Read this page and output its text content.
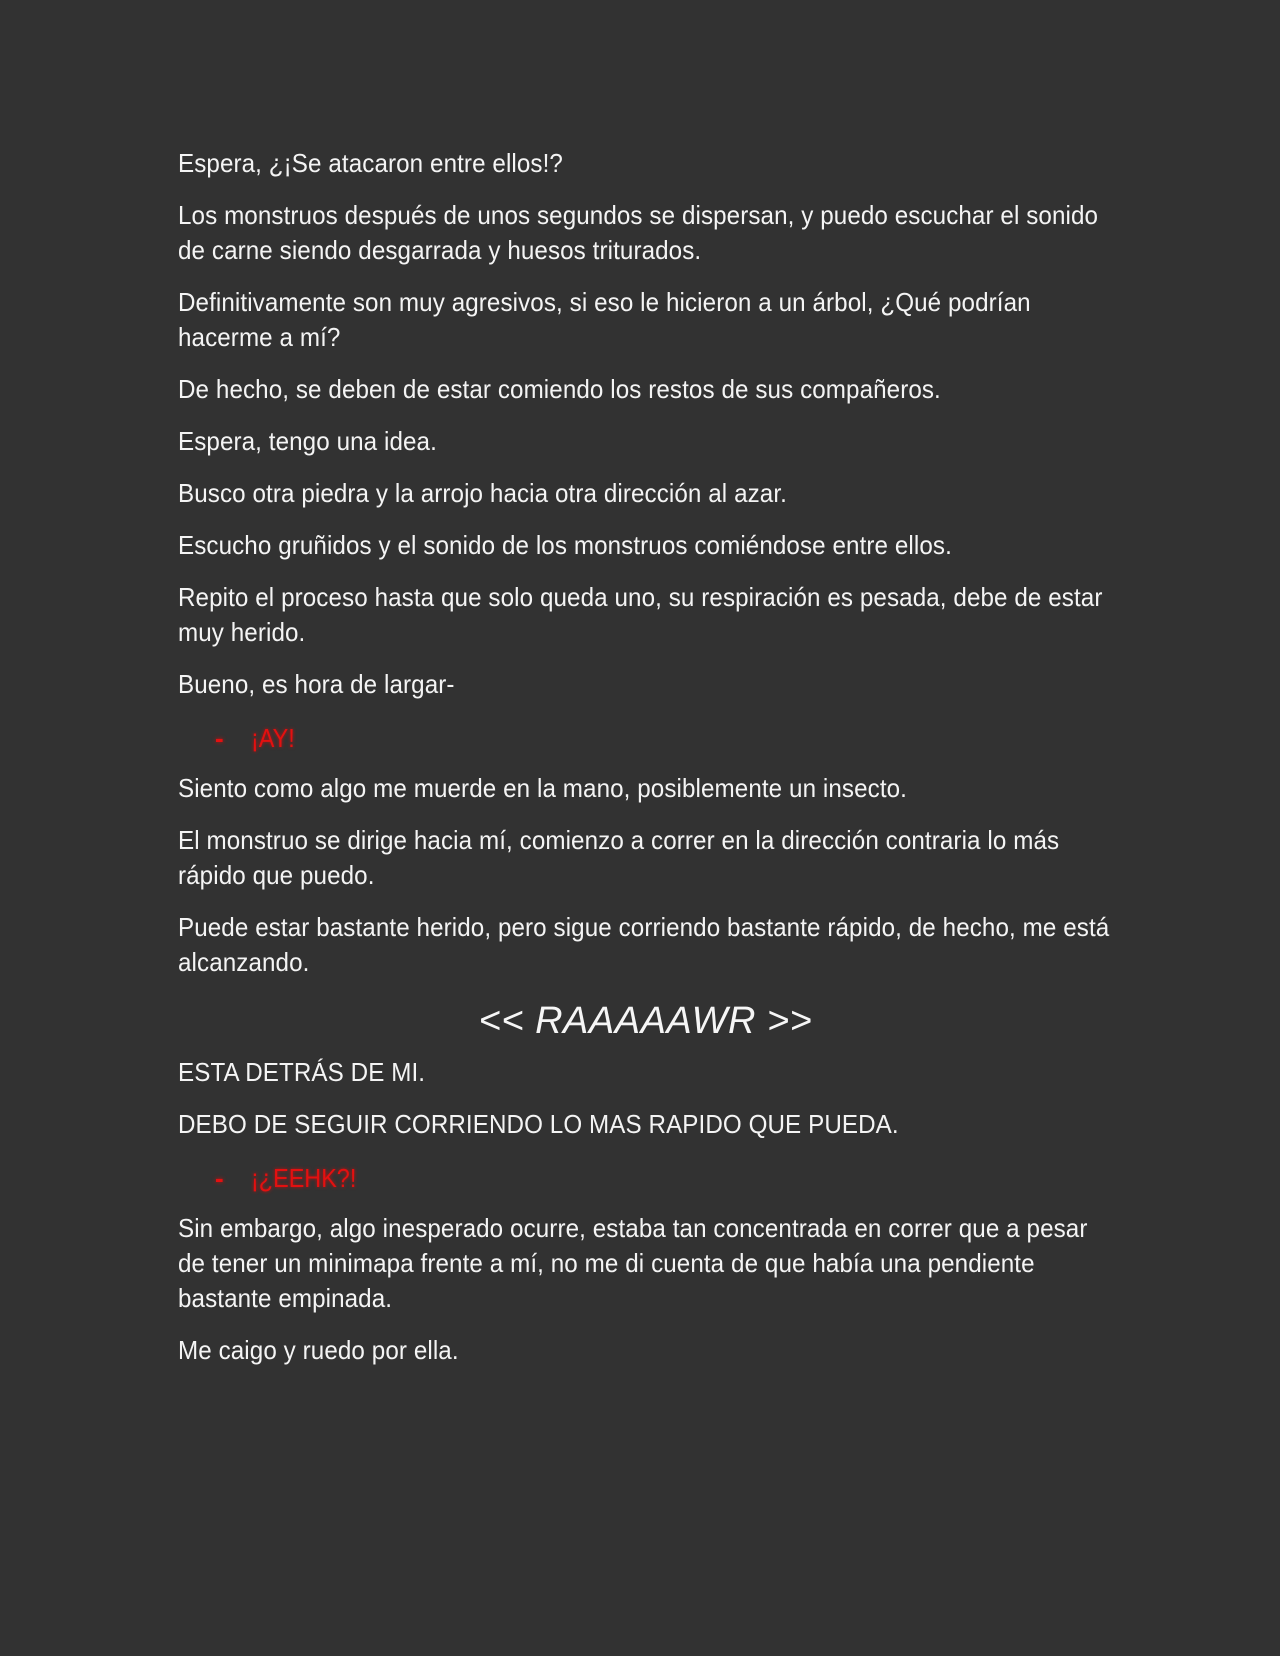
Espera, ¿¡Se atacaron entre ellos!?

Los monstruos después de unos segundos se dispersan, y puedo escuchar el sonido de carne siendo desgarrada y huesos triturados.

Definitivamente son muy agresivos, si eso le hicieron a un árbol, ¿Qué podrían hacerme a mí?

De hecho, se deben de estar comiendo los restos de sus compañeros.

Espera, tengo una idea.

Busco otra piedra y la arrojo hacia otra dirección al azar.

Escucho gruñidos y el sonido de los monstruos comiéndose entre ellos.

Repito el proceso hasta que solo queda uno, su respiración es pesada, debe de estar muy herido.

Bueno, es hora de largar-

-	¡AY!

Siento como algo me muerde en la mano, posiblemente un insecto.

El monstruo se dirige hacia mí, comienzo a correr en la dirección contraria lo más rápido que puedo.

Puede estar bastante herido, pero sigue corriendo bastante rápido, de hecho, me está alcanzando.

<< RAAAAAWR >>

ESTA DETRÁS DE MI.

DEBO DE SEGUIR CORRIENDO LO MAS RAPIDO QUE PUEDA.

-	¡¿EEHK?!

Sin embargo, algo inesperado ocurre, estaba tan concentrada en correr que a pesar de tener un minimapa frente a mí, no me di cuenta de que había una pendiente bastante empinada.

Me caigo y ruedo por ella.
